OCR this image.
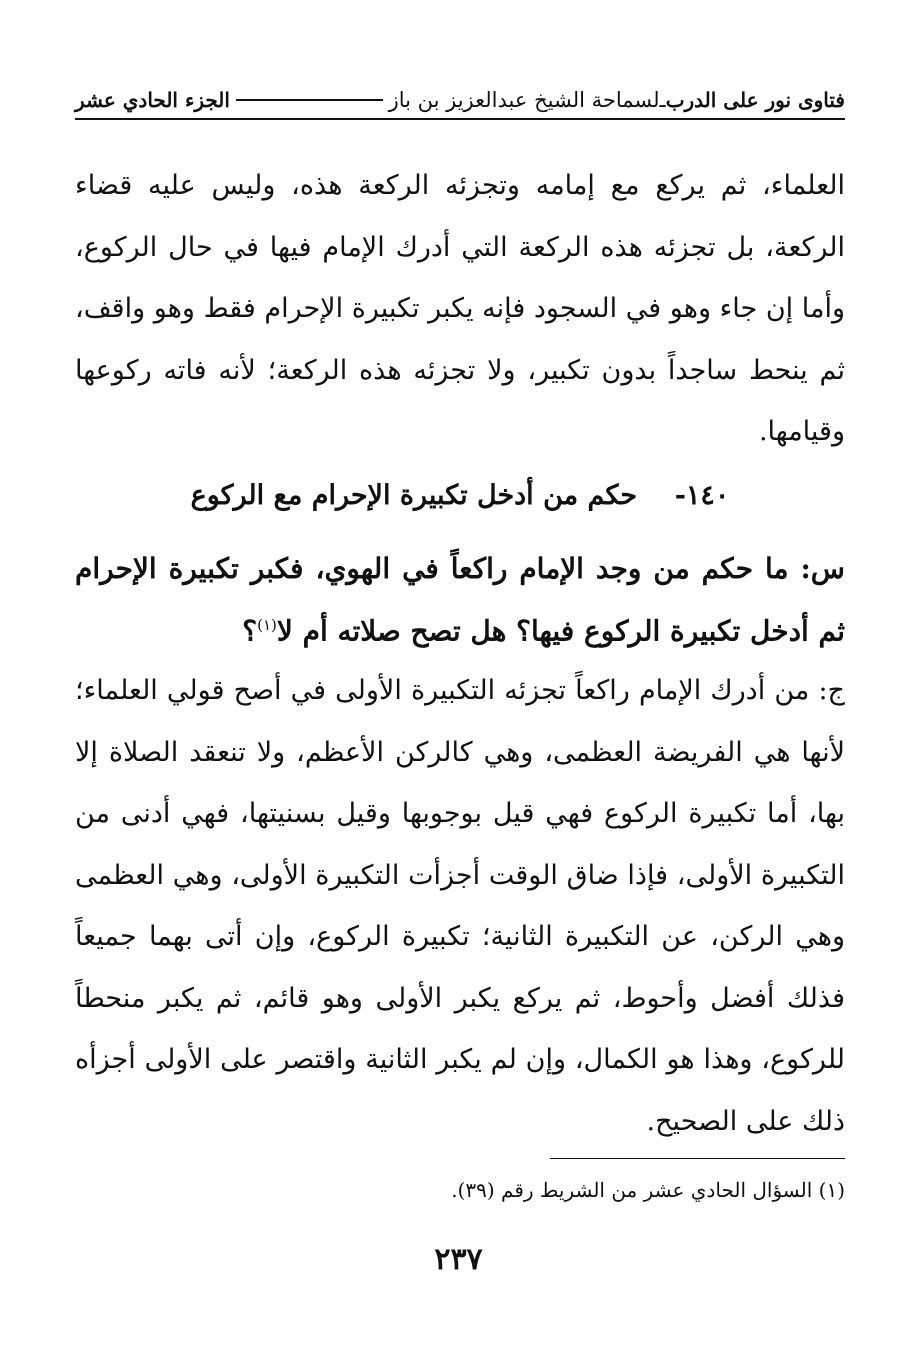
فتاوى نور على الدرب
ـ
لسماحة الشيخ عبدالعزيز بن باز
الجزء الحادي عشر

العلماء، ثم يركع مع إمامه وتجزئه الركعة هذه، وليس عليه قضاء الركعة، بل تجزئه هذه الركعة التي أدرك الإمام فيها في حال الركوع، وأما إن جاء وهو في السجود فإنه يكبر تكبيرة الإحرام فقط وهو واقف، ثم ينحط ساجداً بدون تكبير، ولا تجزئه هذه الركعة؛ لأنه فاته ركوعها وقيامها.

١٤٠-    حكم من أدخل تكبيرة الإحرام مع الركوع

س: ما حكم من وجد الإمام راكعاً في الهوي، فكبر تكبيرة الإحرام ثم أدخل تكبيرة الركوع فيها؟ هل تصح صلاته أم لا$^{(١)}$؟

ج: من أدرك الإمام راكعاً تجزئه التكبيرة الأولى في أصح قولي العلماء؛ لأنها هي الفريضة العظمى، وهي كالركن الأعظم، ولا تنعقد الصلاة إلا بها، أما تكبيرة الركوع فهي قيل بوجوبها وقيل بسنيتها، فهي أدنى من التكبيرة الأولى، فإذا ضاق الوقت أجزأت التكبيرة الأولى، وهي العظمى وهي الركن، عن التكبيرة الثانية؛ تكبيرة الركوع، وإن أتى بهما جميعاً فذلك أفضل وأحوط، ثم يركع يكبر الأولى وهو قائم، ثم يكبر منحطاً للركوع، وهذا هو الكمال، وإن لم يكبر الثانية واقتصر على الأولى أجزأه ذلك على الصحيح.

(١) السؤال الحادي عشر من الشريط رقم (٣٩).

٢٣٧
